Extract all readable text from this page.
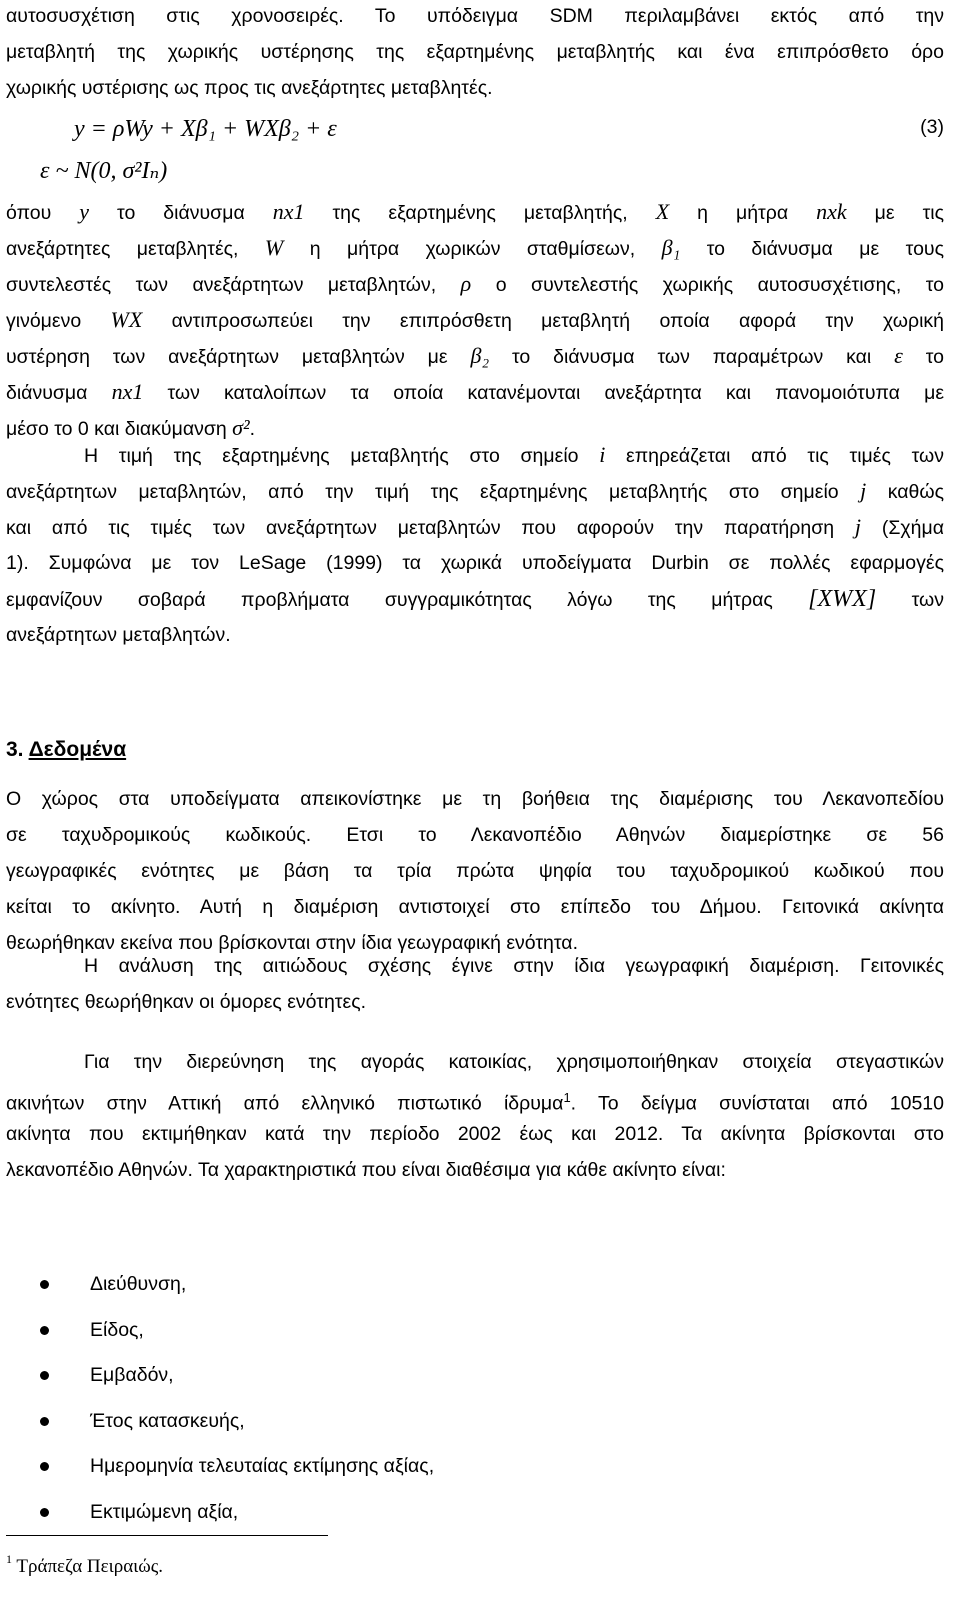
αυτοσυσχέτιση στις χρονοσειρές. Το υπόδειγμα SDM περιλαμβάνει εκτός από την
μεταβλητή της χωρικής υστέρησης της εξαρτημένης μεταβλητής και ένα επιπρόσθετο όρο
χωρικής υστέρισης ως προς τις ανεξάρτητες μεταβλητές.
y = ρWy + Xβ₁ + WXβ₂ + ε	(3)
ε ~ N(0, σ²Iₙ)
όπου y το διάνυσμα nx1 της εξαρτημένης μεταβλητής, X η μήτρα nxk με τις
ανεξάρτητες μεταβλητές, W η μήτρα χωρικών σταθμίσεων, β₁ το διάνυσμα με τους
συντελεστές των ανεξάρτητων μεταβλητών, ρ ο συντελεστής χωρικής αυτοσυσχέτισης, το
γινόμενο WX αντιπροσωπεύει την επιπρόσθετη μεταβλητή οποία αφορά την χωρική
υστέρηση των ανεξάρτητων μεταβλητών με β₂ το διάνυσμα των παραμέτρων και ε το
διάνυσμα nx1 των καταλοίπων τα οποία κατανέμονται ανεξάρτητα και πανομοιότυπα με
μέσο το 0 και διακύμανση σ².
Η τιμή της εξαρτημένης μεταβλητής στο σημείο i επηρεάζεται από τις τιμές των
ανεξάρτητων μεταβλητών, από την τιμή της εξαρτημένης μεταβλητής στο σημείο j καθώς
και από τις τιμές των ανεξάρτητων μεταβλητών που αφορούν την παρατήρηση j (Σχήμα
1). Συμφώνα με τον LeSage (1999) τα χωρικά υποδείγματα Durbin σε πολλές εφαρμογές
εμφανίζουν σοβαρά προβλήματα συγγραμικότητας λόγω της μήτρας [XWX] των
ανεξάρτητων μεταβλητών.
3. Δεδομένα
Ο χώρος στα υποδείγματα απεικονίστηκε με τη βοήθεια της διαμέρισης του Λεκανοπεδίου
σε ταχυδρομικούς κωδικούς. Ετσι το Λεκανοπέδιο Αθηνών διαμερίστηκε σε 56
γεωγραφικές ενότητες με βάση τα τρία πρώτα ψηφία του ταχυδρομικού κωδικού που
κείται το ακίνητο. Αυτή η διαμέριση αντιστοιχεί στο επίπεδο του Δήμου. Γειτονικά ακίνητα
θεωρήθηκαν εκείνα που βρίσκονται στην ίδια γεωγραφική ενότητα.
Η ανάλυση της αιτιώδους σχέσης έγινε στην ίδια γεωγραφική διαμέριση. Γειτονικές
ενότητες θεωρήθηκαν οι όμορες ενότητες.
Για την διερεύνηση της αγοράς κατοικίας, χρησιμοποιήθηκαν στοιχεία στεγαστικών
ακινήτων στην Αττική από ελληνικό πιστωτικό ίδρυμα$^1$. Το δείγμα συνίσταται από 10510
ακίνητα που εκτιμήθηκαν κατά την περίοδο 2002 έως και 2012. Τα ακίνητα βρίσκονται στο
λεκανοπέδιο Αθηνών. Τα χαρακτηριστικά που είναι διαθέσιμα για κάθε ακίνητο είναι:
Διεύθυνση,
Είδος,
Εμβαδόν,
Έτος κατασκευής,
Ημερομηνία τελευταίας εκτίμησης αξίας,
Εκτιμώμενη αξία,
$^1$ Τράπεζα Πειραιώς.
